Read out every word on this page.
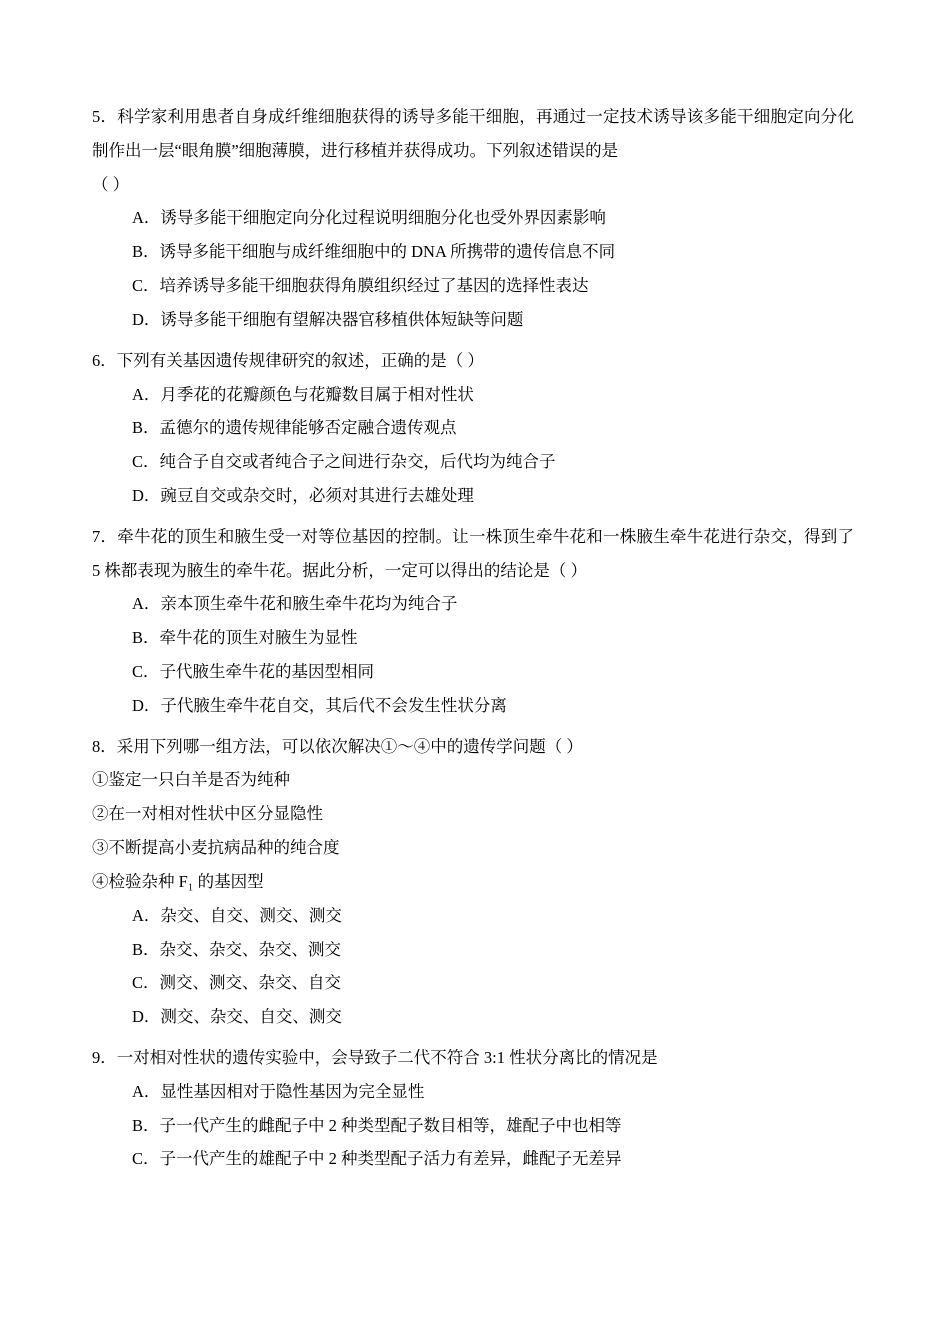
5．科学家利用患者自身成纤维细胞获得的诱导多能干细胞，再通过一定技术诱导该多能干细胞定向分化制作出一层“眼角膜”细胞薄膜，进行移植并获得成功。下列叙述错误的是

（ ）

A．诱导多能干细胞定向分化过程说明细胞分化也受外界因素影响

B．诱导多能干细胞与成纤维细胞中的 DNA 所携带的遗传信息不同

C．培养诱导多能干细胞获得角膜组织经过了基因的选择性表达

D．诱导多能干细胞有望解决器官移植供体短缺等问题

6．下列有关基因遗传规律研究的叙述，正确的是（ ）

A．月季花的花瓣颜色与花瓣数目属于相对性状

B．孟德尔的遗传规律能够否定融合遗传观点

C．纯合子自交或者纯合子之间进行杂交，后代均为纯合子

D．豌豆自交或杂交时，必须对其进行去雄处理

7．牵牛花的顶生和腋生受一对等位基因的控制。让一株顶生牵牛花和一株腋生牵牛花进行杂交，得到了 5 株都表现为腋生的牵牛花。据此分析，一定可以得出的结论是（ ）

A．亲本顶生牵牛花和腋生牵牛花均为纯合子

B．牵牛花的顶生对腋生为显性

C．子代腋生牵牛花的基因型相同

D．子代腋生牵牛花自交，其后代不会发生性状分离

8．采用下列哪一组方法，可以依次解决①～④中的遗传学问题（ ）

①鉴定一只白羊是否为纯种

②在一对相对性状中区分显隐性

③不断提高小麦抗病品种的纯合度

④检验杂种 F₁ 的基因型

A．杂交、自交、测交、测交

B．杂交、杂交、杂交、测交

C．测交、测交、杂交、自交

D．测交、杂交、自交、测交

9．一对相对性状的遗传实验中，会导致子二代不符合 3:1 性状分离比的情况是

A．显性基因相对于隐性基因为完全显性

B．子一代产生的雌配子中 2 种类型配子数目相等，雄配子中也相等

C．子一代产生的雄配子中 2 种类型配子活力有差异，雌配子无差异
